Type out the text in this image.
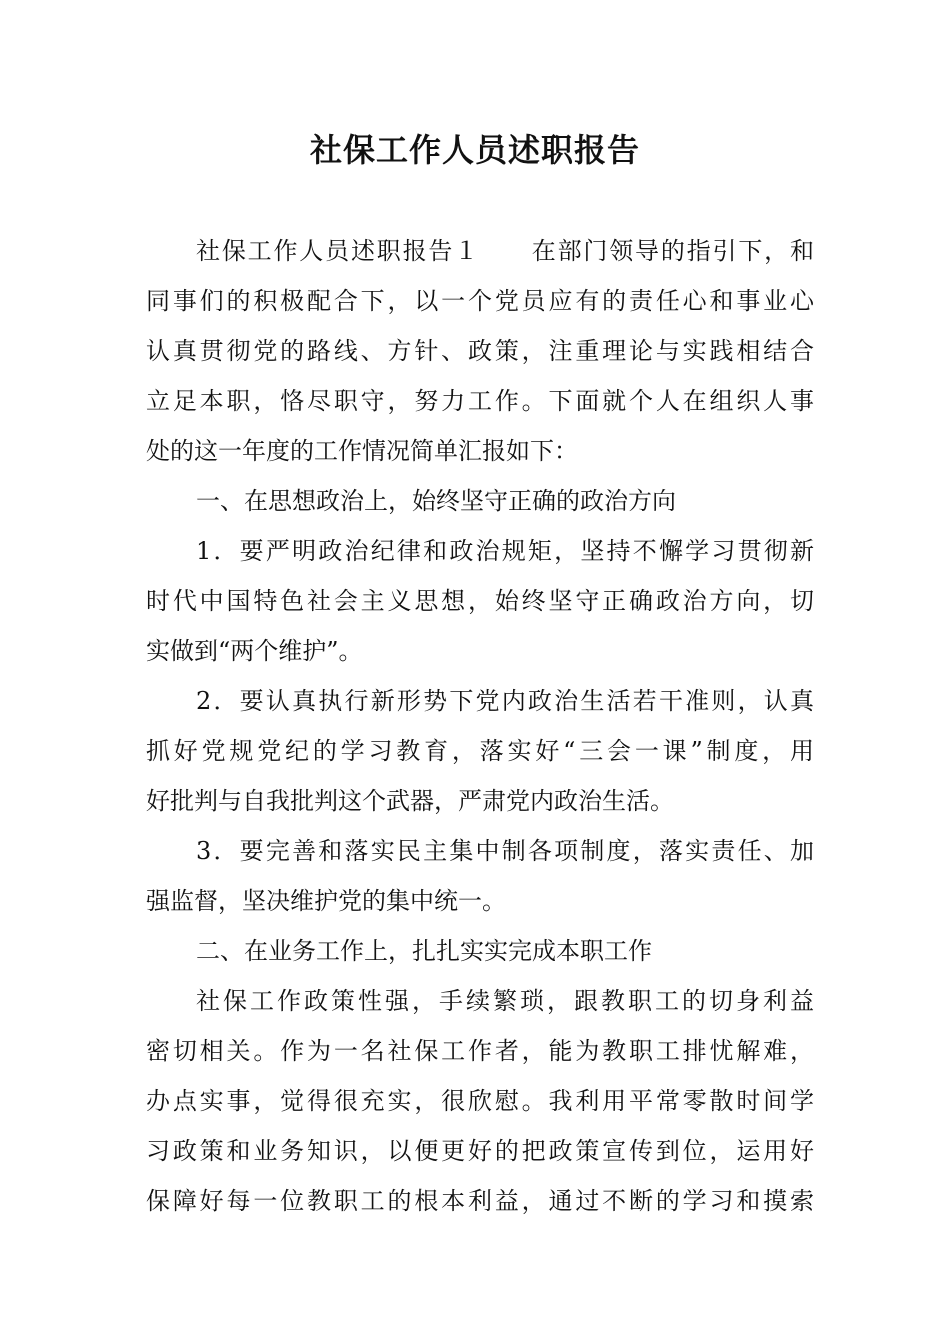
社保工作人员述职报告
社保工作人员述职报告１　　在部门领导的指引下，和
同事们的积极配合下，以一个党员应有的责任心和事业心
认真贯彻党的路线、方针、政策，注重理论与实践相结合
立足本职，恪尽职守，努力工作。下面就个人在组织人事
处的这一年度的工作情况简单汇报如下：
一、在思想政治上，始终坚守正确的政治方向
1．要严明政治纪律和政治规矩，坚持不懈学习贯彻新
时代中国特色社会主义思想，始终坚守正确政治方向，切
实做到“两个维护”。
2．要认真执行新形势下党内政治生活若干准则，认真
抓好党规党纪的学习教育，落实好“三会一课”制度，用
好批判与自我批判这个武器，严肃党内政治生活。
3．要完善和落实民主集中制各项制度，落实责任、加
强监督，坚决维护党的集中统一。
二、在业务工作上，扎扎实实完成本职工作
社保工作政策性强，手续繁琐，跟教职工的切身利益
密切相关。作为一名社保工作者，能为教职工排忧解难，
办点实事，觉得很充实，很欣慰。我利用平常零散时间学
习政策和业务知识，以便更好的把政策宣传到位，运用好
保障好每一位教职工的根本利益，通过不断的学习和摸索
